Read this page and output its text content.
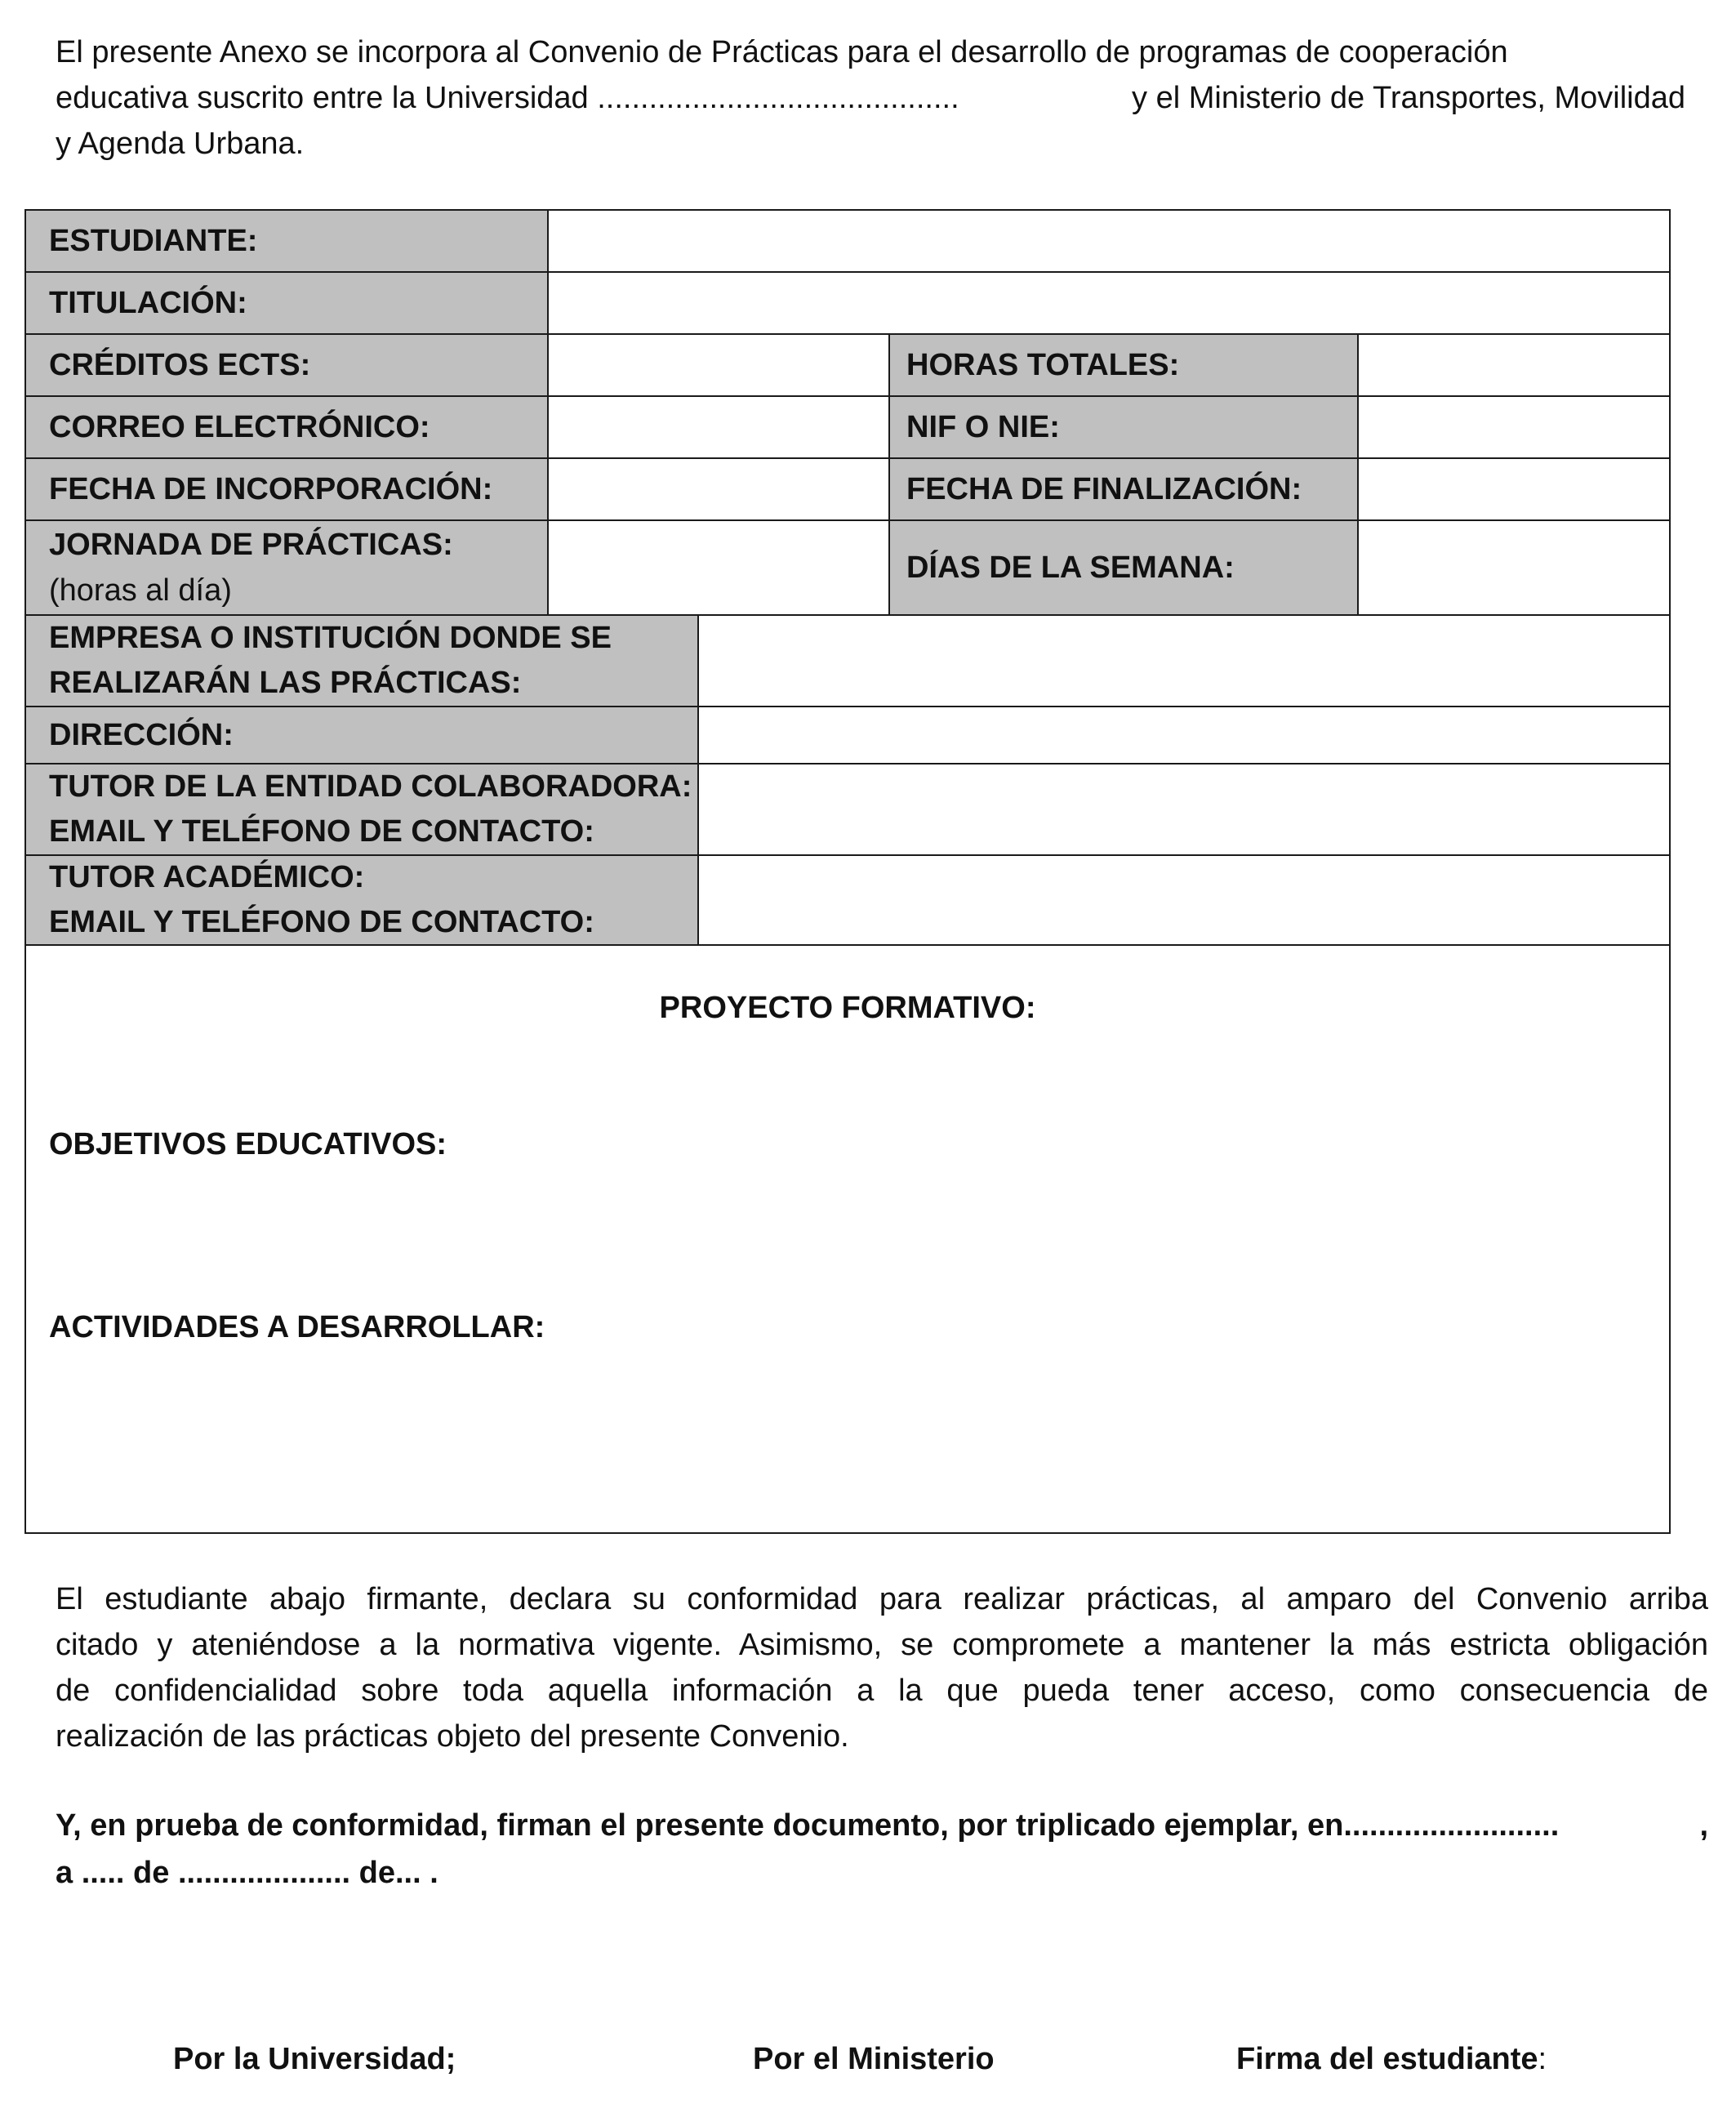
El presente Anexo se incorpora al Convenio de Prácticas para el desarrollo de programas de cooperación
educativa suscrito entre la Universidad ..........................................	y el Ministerio de Transportes, Movilidad
y Agenda Urbana.
ESTUDIANTE:
TITULACIÓN:
CRÉDITOS ECTS:	HORAS TOTALES:
CORREO ELECTRÓNICO:	NIF O NIE:
FECHA DE INCORPORACIÓN:	FECHA DE FINALIZACIÓN:
JORNADA DE PRÁCTICAS:
(horas al día)
DÍAS DE LA SEMANA:
EMPRESA O INSTITUCIÓN DONDE SE
REALIZARÁN LAS PRÁCTICAS:
DIRECCIÓN:
TUTOR DE LA ENTIDAD COLABORADORA:
EMAIL Y TELÉFONO DE CONTACTO:
TUTOR ACADÉMICO:
EMAIL Y TELÉFONO DE CONTACTO:
PROYECTO FORMATIVO:
OBJETIVOS EDUCATIVOS:
ACTIVIDADES A DESARROLLAR:
El estudiante abajo firmante, declara su conformidad para realizar prácticas, al amparo del Convenio arriba
citado y ateniéndose a la normativa vigente. Asimismo, se compromete a mantener la más estricta obligación
de confidencialidad sobre toda aquella información a la que pueda tener acceso, como consecuencia de
realización de las prácticas objeto del presente Convenio.
Y, en prueba de conformidad, firman el presente documento, por triplicado ejemplar, en.........................	,
a ..... de .................... de... .
Por la Universidad;	Por el Ministerio	Firma del estudiante:
